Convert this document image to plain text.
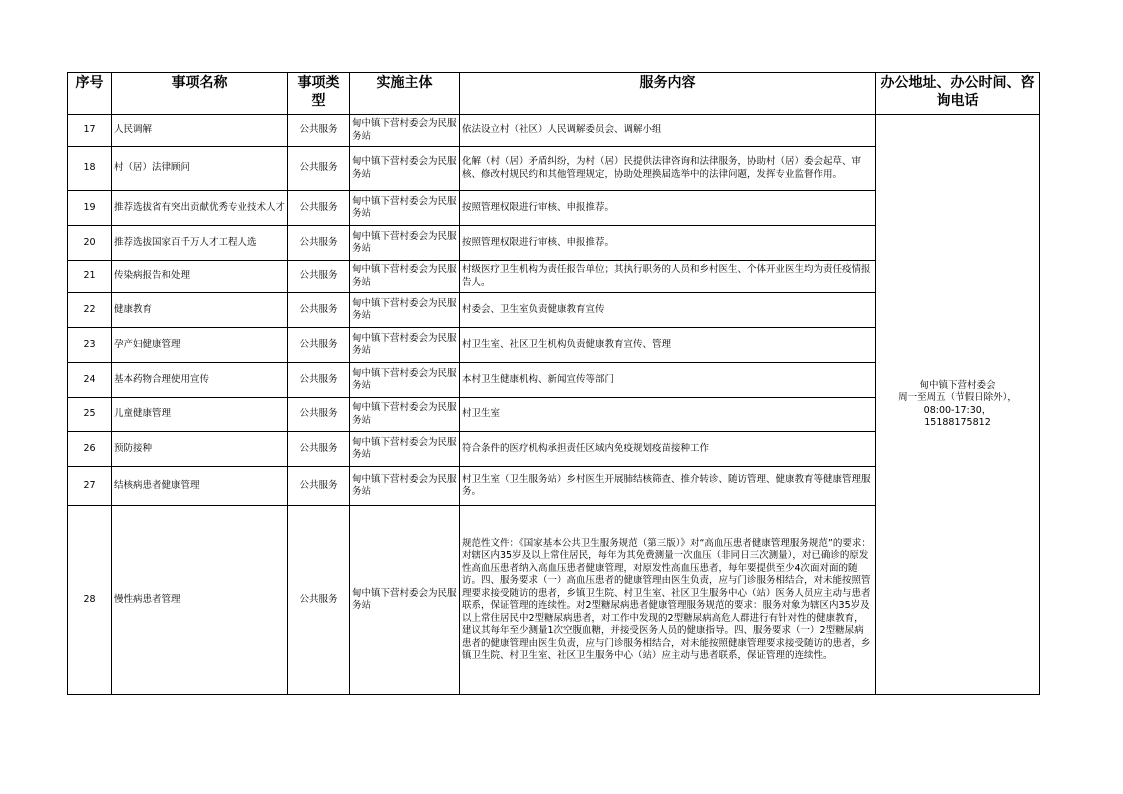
序号	事项名称	事项类型	实施主体	服务内容	办公地址、办公时间、咨询电话
17	人民调解	公共服务	甸中镇下营村委会为民服务站	依法设立村（社区）人民调解委员会、调解小组	甸中镇下营村委会
周一至周五（节假日除外），
08:00-17:30，
15188175812

18	村（居）法律顾问	公共服务	甸中镇下营村委会为民服务站	化解（村（居）矛盾纠纷，为村（居）民提供法律咨询和法律服务，协助村（居）委会起草、审核、修改村规民约和其他管理规定，协助处理换届选举中的法律问题，发挥专业监督作用。	
19	推荐选拔省有突出贡献优秀专业技术人才	公共服务	甸中镇下营村委会为民服务站	按照管理权限进行审核、申报推荐。	
20	推荐选拔国家百千万人才工程人选	公共服务	甸中镇下营村委会为民服务站	按照管理权限进行审核、申报推荐。	
21	传染病报告和处理	公共服务	甸中镇下营村委会为民服务站	村级医疗卫生机构为责任报告单位；其执行职务的人员和乡村医生、个体开业医生均为责任疫情报告人。	
22	健康教育	公共服务	甸中镇下营村委会为民服务站	村委会、卫生室负责健康教育宣传	
23	孕产妇健康管理	公共服务	甸中镇下营村委会为民服务站	村卫生室、社区卫生机构负责健康教育宣传、管理	
24	基本药物合理使用宣传	公共服务	甸中镇下营村委会为民服务站	本村卫生健康机构、新闻宣传等部门	
25	儿童健康管理	公共服务	甸中镇下营村委会为民服务站	村卫生室	
26	预防接种	公共服务	甸中镇下营村委会为民服务站	符合条件的医疗机构承担责任区域内免疫规划疫苗接种工作	
27	结核病患者健康管理	公共服务	甸中镇下营村委会为民服务站	村卫生室（卫生服务站）乡村医生开展肺结核筛查、推介转诊、随访管理、健康教育等健康管理服务。	
28	慢性病患者管理	公共服务	甸中镇下营村委会为民服务站	规范性文件：《国家基本公共卫生服务规范（第三版）》对“高血压患者健康管理服务规范”的要求：对辖区内35岁及以上常住居民，每年为其免费测量一次血压（非同日三次测量），对已确诊的原发性高血压患者纳入高血压患者健康管理，对原发性高血压患者，每年要提供至少4次面对面的随访。四、服务要求（一）高血压患者的健康管理由医生负责，应与门诊服务相结合，对未能按照管理要求接受随访的患者，乡镇卫生院、村卫生室、社区卫生服务中心（站）医务人员应主动与患者联系，保证管理的连续性。对2型糖尿病患者健康管理服务规范的要求：服务对象为辖区内35岁及以上常住居民中2型糖尿病患者，对工作中发现的2型糖尿病高危人群进行有针对性的健康教育，建议其每年至少测量1次空腹血糖，并接受医务人员的健康指导。四、服务要求（一）2型糖尿病患者的健康管理由医生负责，应与门诊服务相结合，对未能按照健康管理要求接受随访的患者，乡镇卫生院、村卫生室、社区卫生服务中心（站）应主动与患者联系，保证管理的连续性。	
